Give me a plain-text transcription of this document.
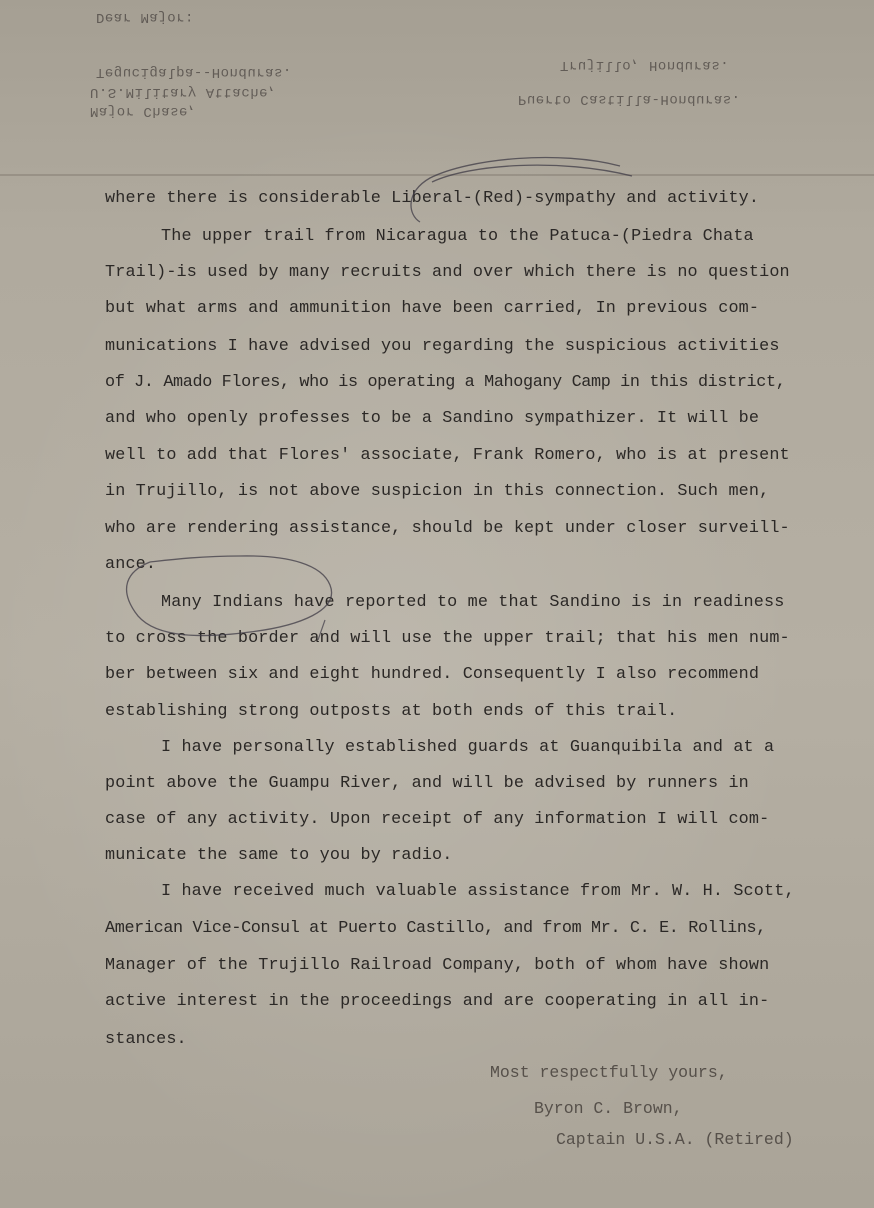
Dear Major:
Tegucigalpa--Honduras.
U.S.Military Attache,
Major Chase,
Trujillo, Honduras.
Puerto Castilla-Honduras.
where there is considerable Liberal-(Red)-sympathy and activity.
The upper trail from Nicaragua to the Patuca-(Piedra Chata
Trail)-is used by many recruits and over which there is no question
but what arms and ammunition have been carried, In previous com-
munications I have advised you regarding the suspicious activities
of J. Amado Flores, who is operating a Mahogany Camp in this district,
and who openly professes to be a Sandino sympathizer. It will be
well to add that Flores' associate, Frank Romero, who is at present
in Trujillo, is not above suspicion in this connection. Such men,
who are rendering assistance, should be kept under closer surveill-
ance.
Many Indians have reported to me that Sandino is in readiness
to cross the border and will use the upper trail; that his men num-
ber between six and eight hundred. Consequently I also recommend
establishing strong outposts at both ends of this trail.
I have personally established guards at Guanquibila and at a
point above the Guampu River, and will be advised by runners in
case of any activity. Upon receipt of any information I will com-
municate the same to you by radio.
I have received much valuable assistance from Mr. W. H. Scott,
American Vice-Consul at Puerto Castillo, and from Mr. C. E. Rollins,
Manager of the Trujillo Railroad Company, both of whom have shown
active interest in the proceedings and are cooperating in all in-
stances.
Most respectfully yours,
Byron C. Brown,
Captain U.S.A. (Retired)
